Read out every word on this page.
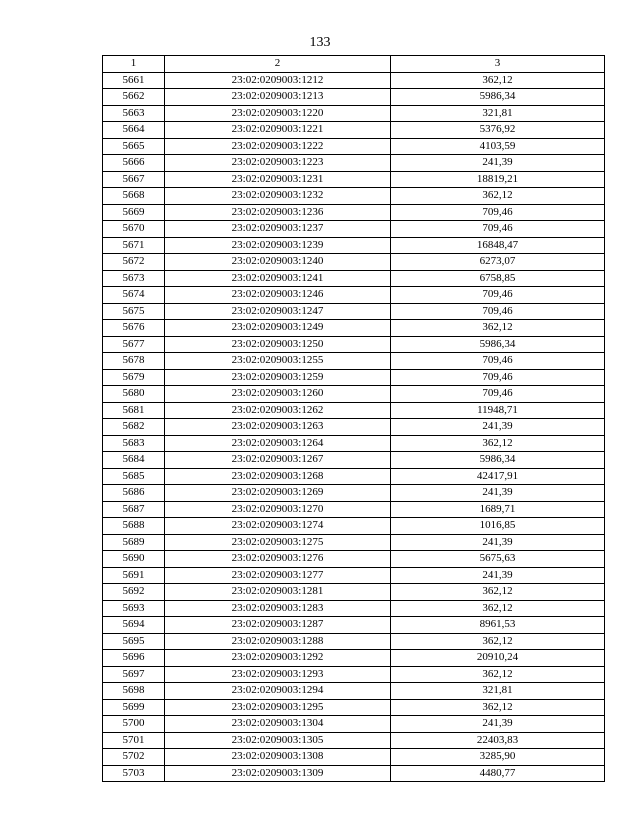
133
1	2	3
5661	23:02:0209003:1212	362,12
5662	23:02:0209003:1213	5986,34
5663	23:02:0209003:1220	321,81
5664	23:02:0209003:1221	5376,92
5665	23:02:0209003:1222	4103,59
5666	23:02:0209003:1223	241,39
5667	23:02:0209003:1231	18819,21
5668	23:02:0209003:1232	362,12
5669	23:02:0209003:1236	709,46
5670	23:02:0209003:1237	709,46
5671	23:02:0209003:1239	16848,47
5672	23:02:0209003:1240	6273,07
5673	23:02:0209003:1241	6758,85
5674	23:02:0209003:1246	709,46
5675	23:02:0209003:1247	709,46
5676	23:02:0209003:1249	362,12
5677	23:02:0209003:1250	5986,34
5678	23:02:0209003:1255	709,46
5679	23:02:0209003:1259	709,46
5680	23:02:0209003:1260	709,46
5681	23:02:0209003:1262	11948,71
5682	23:02:0209003:1263	241,39
5683	23:02:0209003:1264	362,12
5684	23:02:0209003:1267	5986,34
5685	23:02:0209003:1268	42417,91
5686	23:02:0209003:1269	241,39
5687	23:02:0209003:1270	1689,71
5688	23:02:0209003:1274	1016,85
5689	23:02:0209003:1275	241,39
5690	23:02:0209003:1276	5675,63
5691	23:02:0209003:1277	241,39
5692	23:02:0209003:1281	362,12
5693	23:02:0209003:1283	362,12
5694	23:02:0209003:1287	8961,53
5695	23:02:0209003:1288	362,12
5696	23:02:0209003:1292	20910,24
5697	23:02:0209003:1293	362,12
5698	23:02:0209003:1294	321,81
5699	23:02:0209003:1295	362,12
5700	23:02:0209003:1304	241,39
5701	23:02:0209003:1305	22403,83
5702	23:02:0209003:1308	3285,90
5703	23:02:0209003:1309	4480,77
